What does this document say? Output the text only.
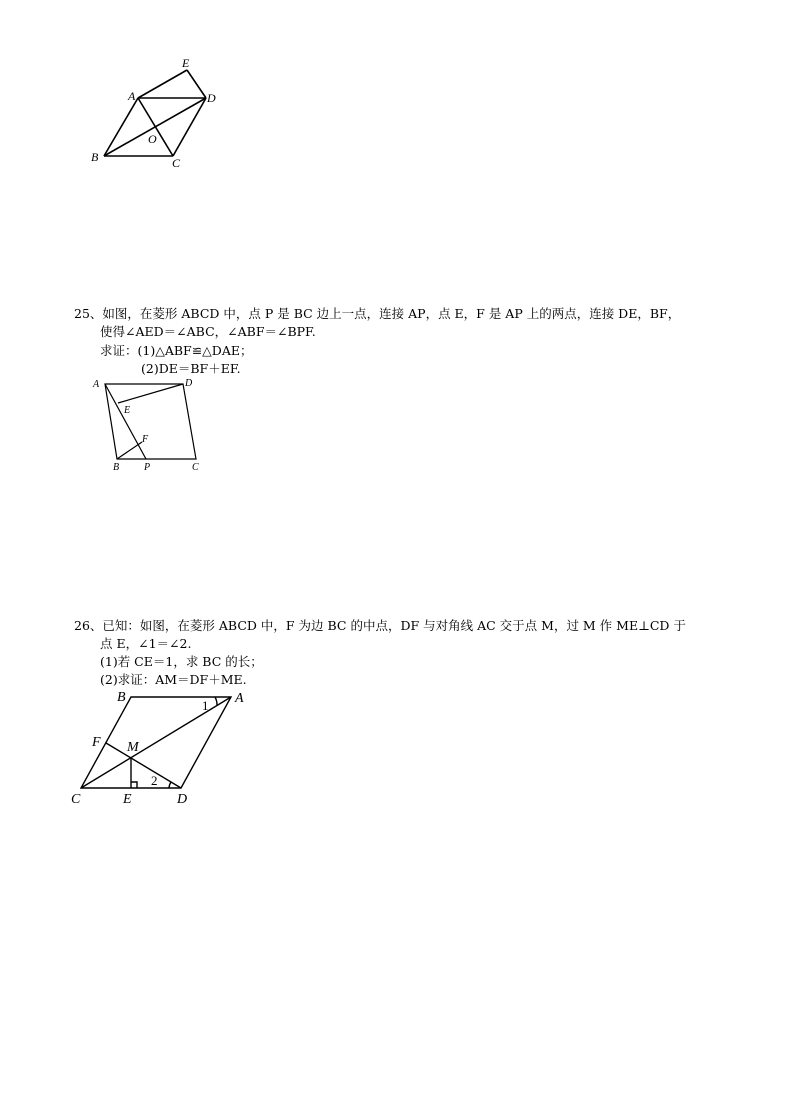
A
B	C
D
E
O
25、如图，在菱形 ABCD 中，点 P 是 BC 边上一点，连接 AP，点 E，F 是 AP 上的两点，连接 DE，BF，
使得∠AED＝∠ABC，∠ABF＝∠BPF.
求证：(1)△ABF≌△DAE；
(2)DE＝BF＋EF.
A	D
E
F
B P	C
26、已知：如图，在菱形 ABCD 中，F 为边 BC 的中点，DF 与对角线 AC 交于点 M，过 M 作 ME⊥CD 于
点 E，∠1＝∠2.
(1)若 CE＝1，求 BC 的长；
(2)求证：AM＝DF＋ME.
B	A
F M
C	E	D
1
2
